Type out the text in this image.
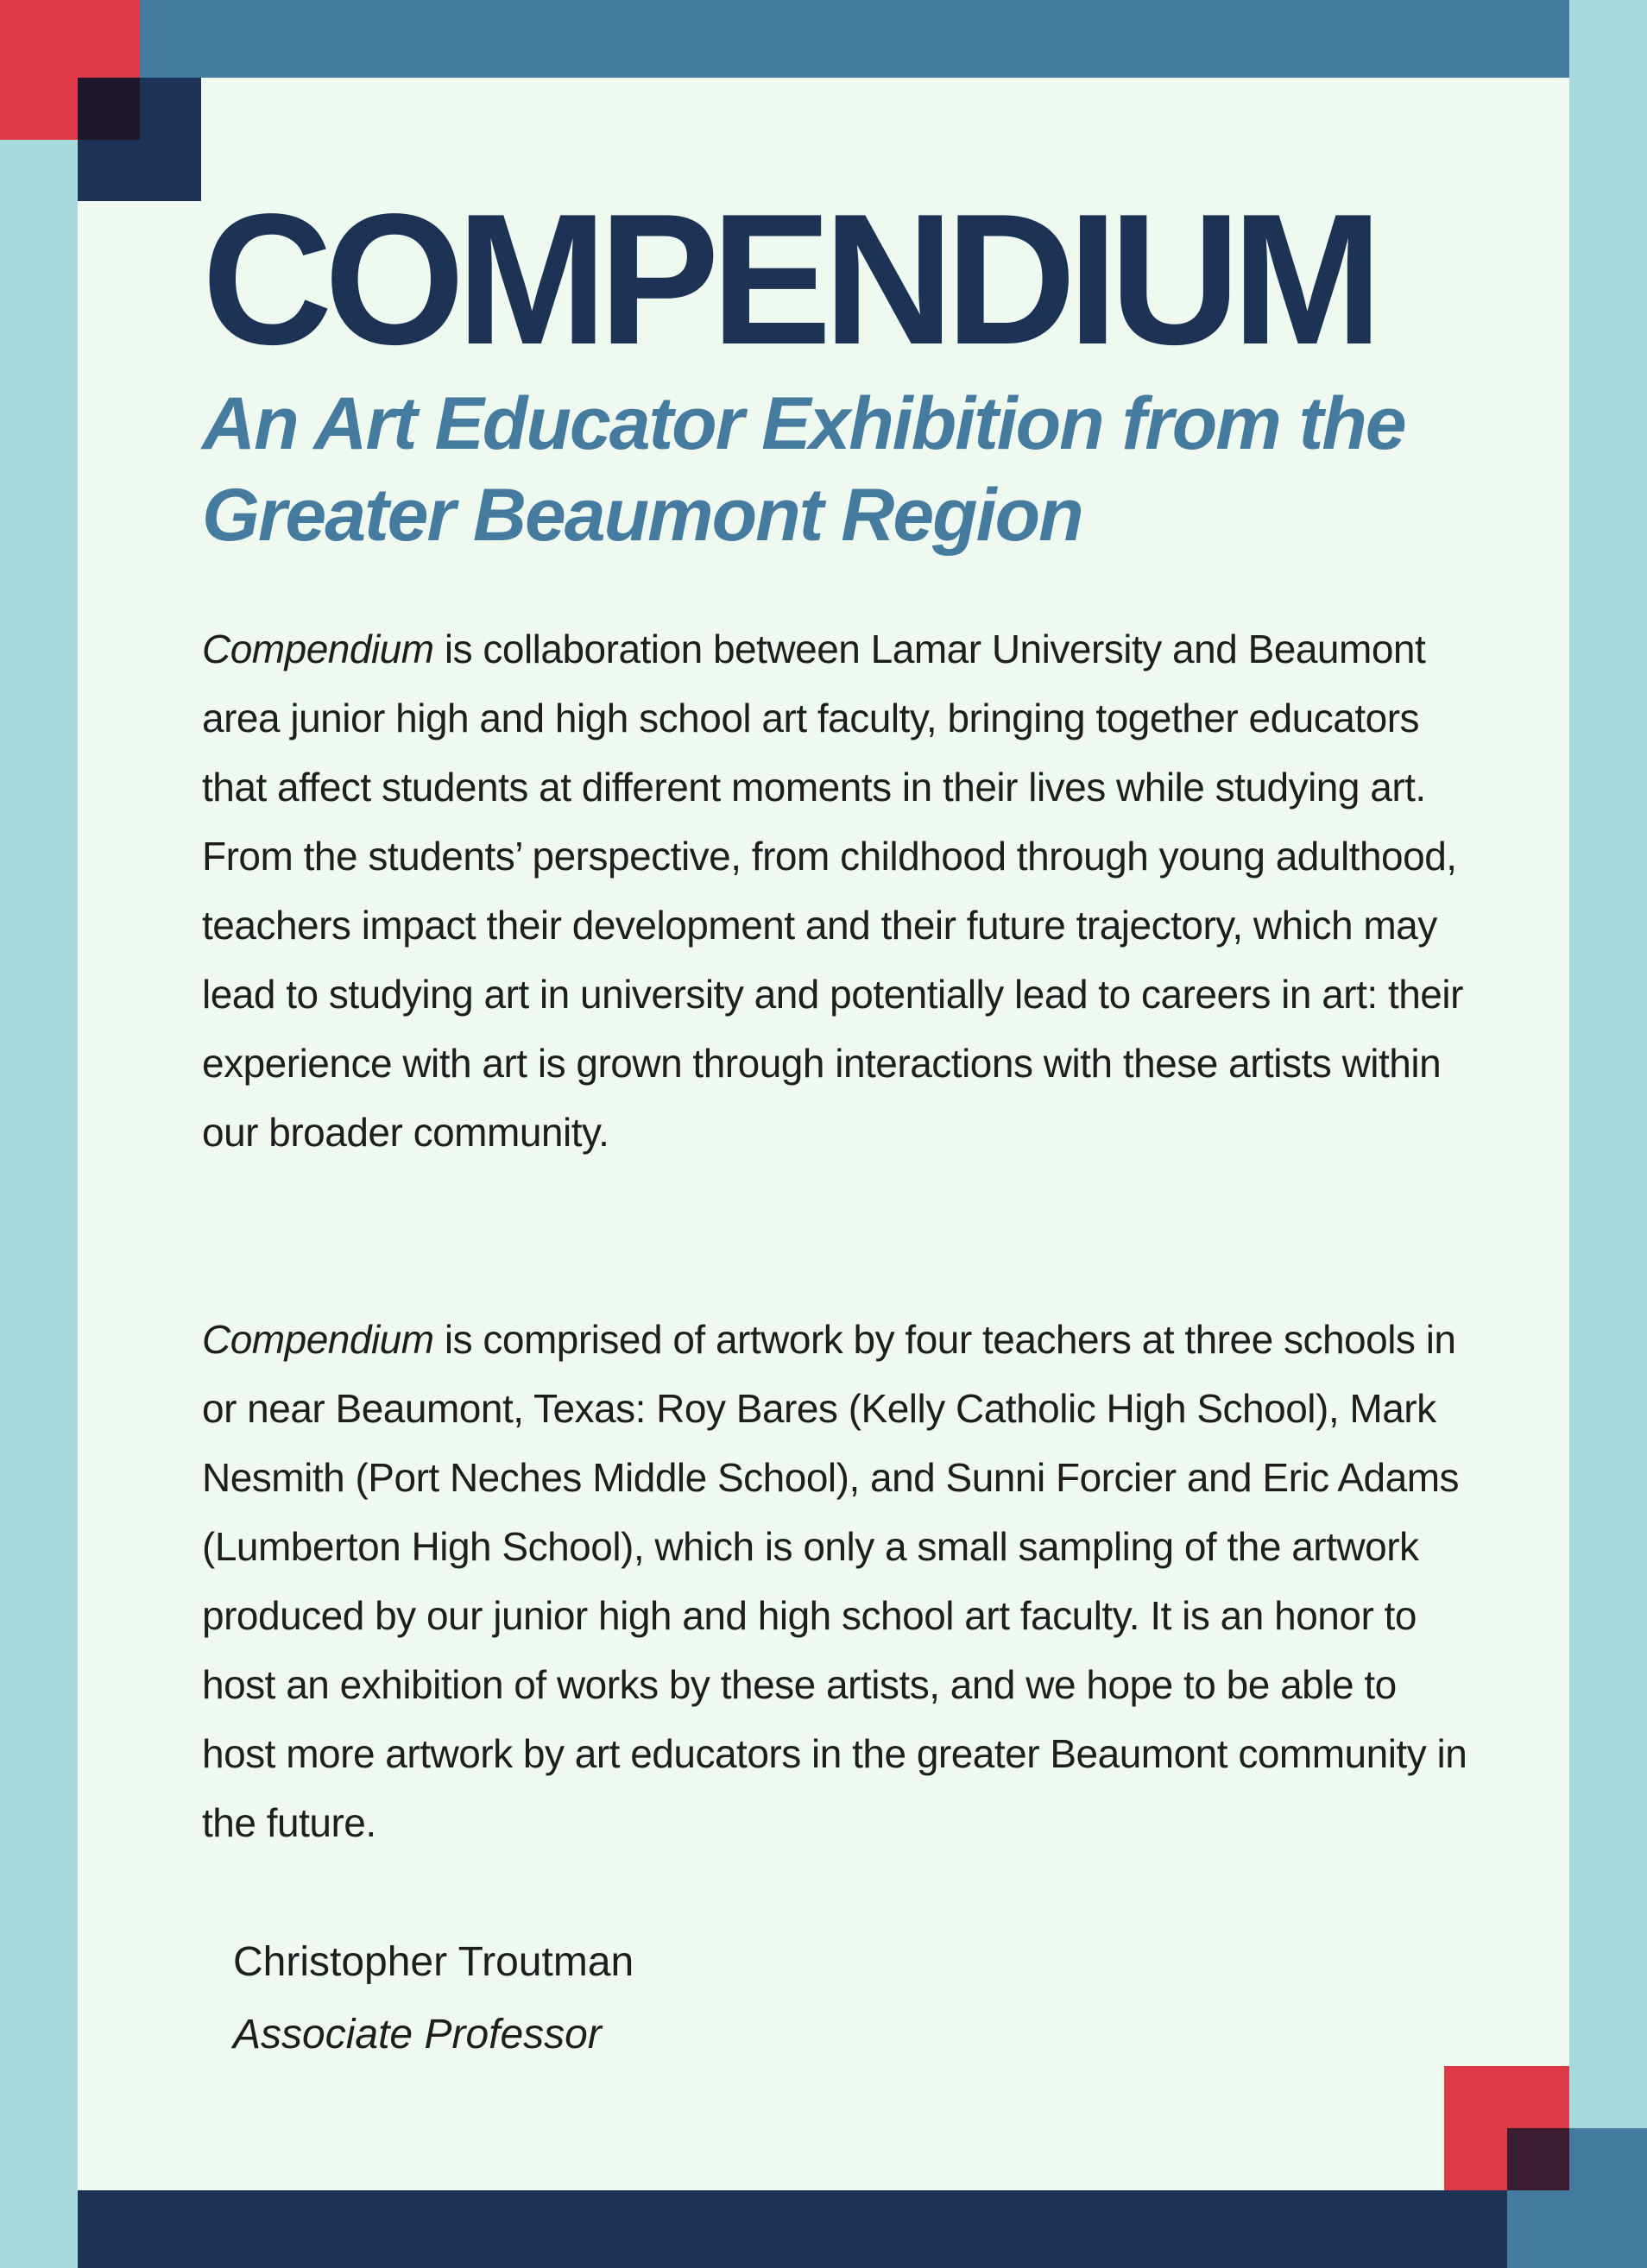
COMPENDIUM
An Art Educator Exhibition from the Greater Beaumont Region

Compendium is collaboration between Lamar University and Beaumont area junior high and high school art faculty, bringing together educators that affect students at different moments in their lives while studying art. From the students’ perspective, from childhood through young adulthood, teachers impact their development and their future trajectory, which may lead to studying art in university and potentially lead to careers in art: their experience with art is grown through interactions with these artists within our broader community.

Compendium is comprised of artwork by four teachers at three schools in or near Beaumont, Texas: Roy Bares (Kelly Catholic High School), Mark Nesmith (Port Neches Middle School), and Sunni Forcier and Eric Adams (Lumberton High School), which is only a small sampling of the artwork produced by our junior high and high school art faculty. It is an honor to host an exhibition of works by these artists, and we hope to be able to host more artwork by art educators in the greater Beaumont community in the future.

Christopher Troutman

Associate Professor
